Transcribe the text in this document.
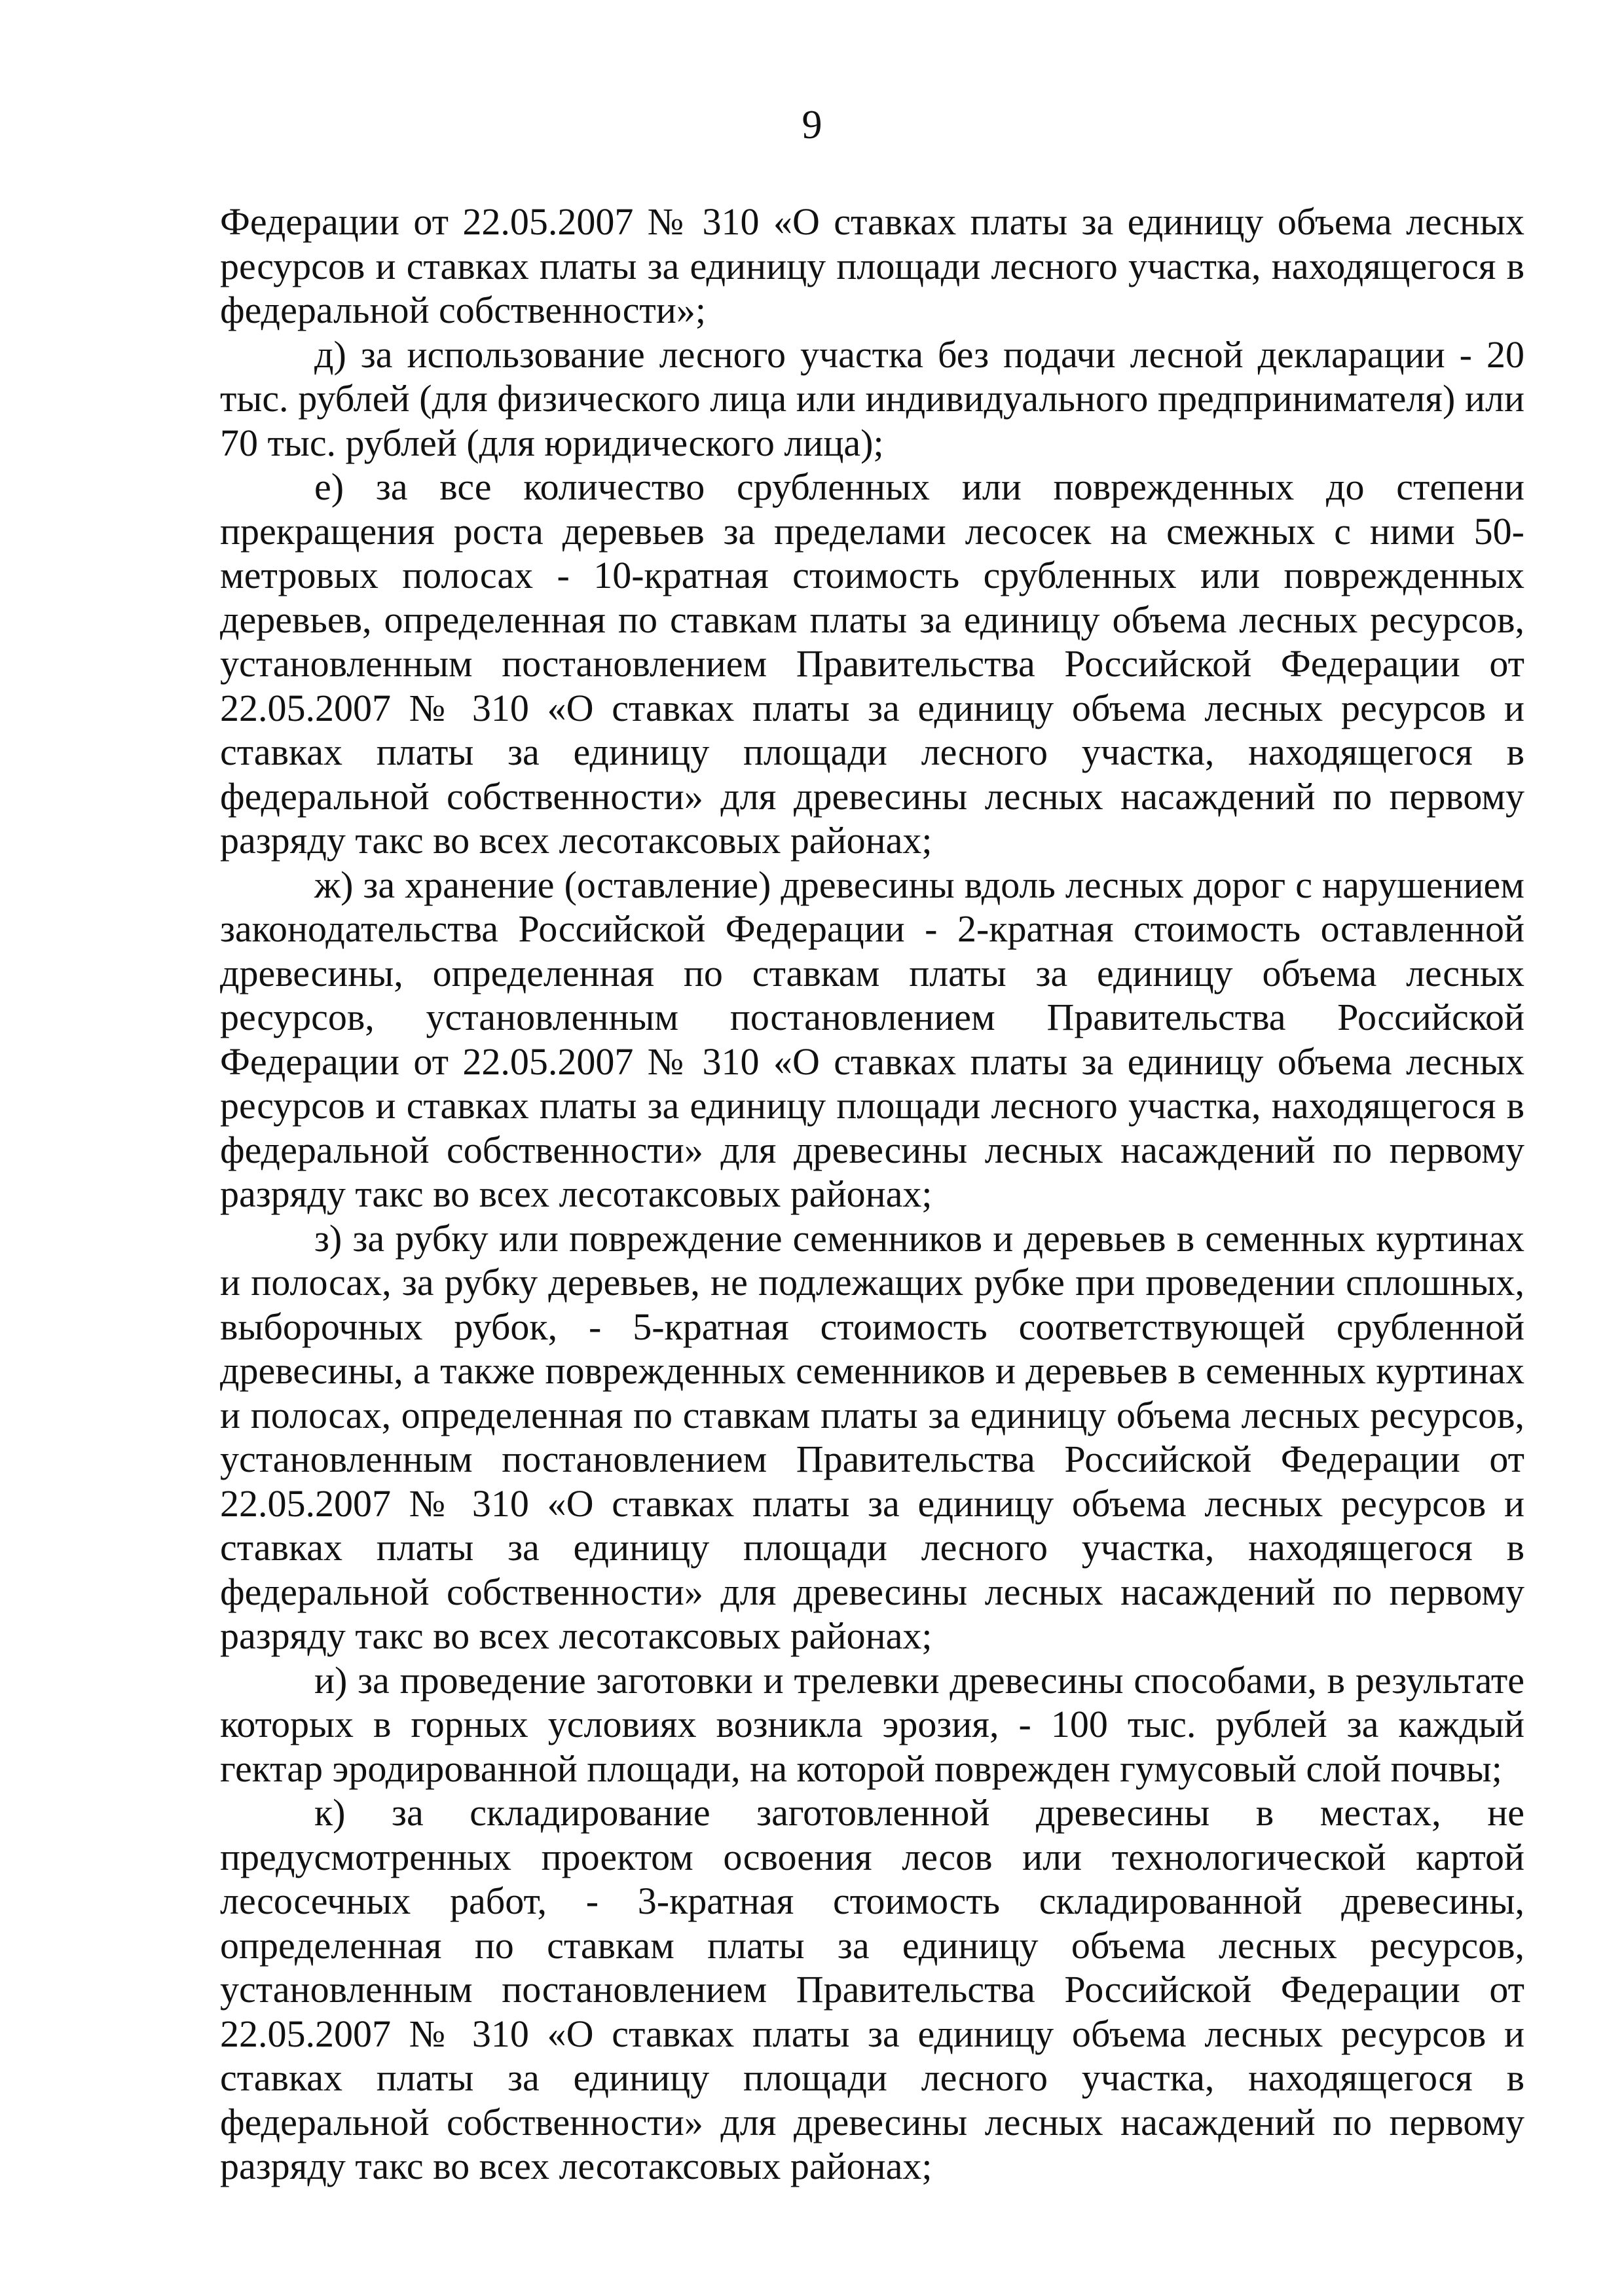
9

Федерации от 22.05.2007 № 310 «О ставках платы за единицу объема лесных ресурсов и ставках платы за единицу площади лесного участка, находящегося в федеральной собственности»;

д) за использование лесного участка без подачи лесной декларации - 20 тыс. рублей (для физического лица или индивидуального предпринимателя) или 70 тыс. рублей (для юридического лица);

е) за все количество срубленных или поврежденных до степени прекращения роста деревьев за пределами лесосек на смежных с ними 50-метровых полосах - 10-кратная стоимость срубленных или поврежденных деревьев, определенная по ставкам платы за единицу объема лесных ресурсов, установленным постановлением Правительства Российской Федерации от 22.05.2007 № 310 «О ставках платы за единицу объема лесных ресурсов и ставках платы за единицу площади лесного участка, находящегося в федеральной собственности» для древесины лесных насаждений по первому разряду такс во всех лесотаксовых районах;

ж) за хранение (оставление) древесины вдоль лесных дорог с нарушением законодательства Российской Федерации - 2-кратная стоимость оставленной древесины, определенная по ставкам платы за единицу объема лесных ресурсов, установленным постановлением Правительства Российской Федерации от 22.05.2007 № 310 «О ставках платы за единицу объема лесных ресурсов и ставках платы за единицу площади лесного участка, находящегося в федеральной собственности» для древесины лесных насаждений по первому разряду такс во всех лесотаксовых районах;

з) за рубку или повреждение семенников и деревьев в семенных куртинах и полосах, за рубку деревьев, не подлежащих рубке при проведении сплошных, выборочных рубок, - 5-кратная стоимость соответствующей срубленной древесины, а также поврежденных семенников и деревьев в семенных куртинах и полосах, определенная по ставкам платы за единицу объема лесных ресурсов, установленным постановлением Правительства Российской Федерации от 22.05.2007 № 310 «О ставках платы за единицу объема лесных ресурсов и ставках платы за единицу площади лесного участка, находящегося в федеральной собственности» для древесины лесных насаждений по первому разряду такс во всех лесотаксовых районах;

и) за проведение заготовки и трелевки древесины способами, в результате которых в горных условиях возникла эрозия, - 100 тыс. рублей за каждый гектар эродированной площади, на которой поврежден гумусовый слой почвы;

к) за складирование заготовленной древесины в местах, не предусмотренных проектом освоения лесов или технологической картой лесосечных работ, - 3-кратная стоимость складированной древесины, определенная по ставкам платы за единицу объема лесных ресурсов, установленным постановлением Правительства Российской Федерации от 22.05.2007 № 310 «О ставках платы за единицу объема лесных ресурсов и ставках платы за единицу площади лесного участка, находящегося в федеральной собственности» для древесины лесных насаждений по первому разряду такс во всех лесотаксовых районах;
